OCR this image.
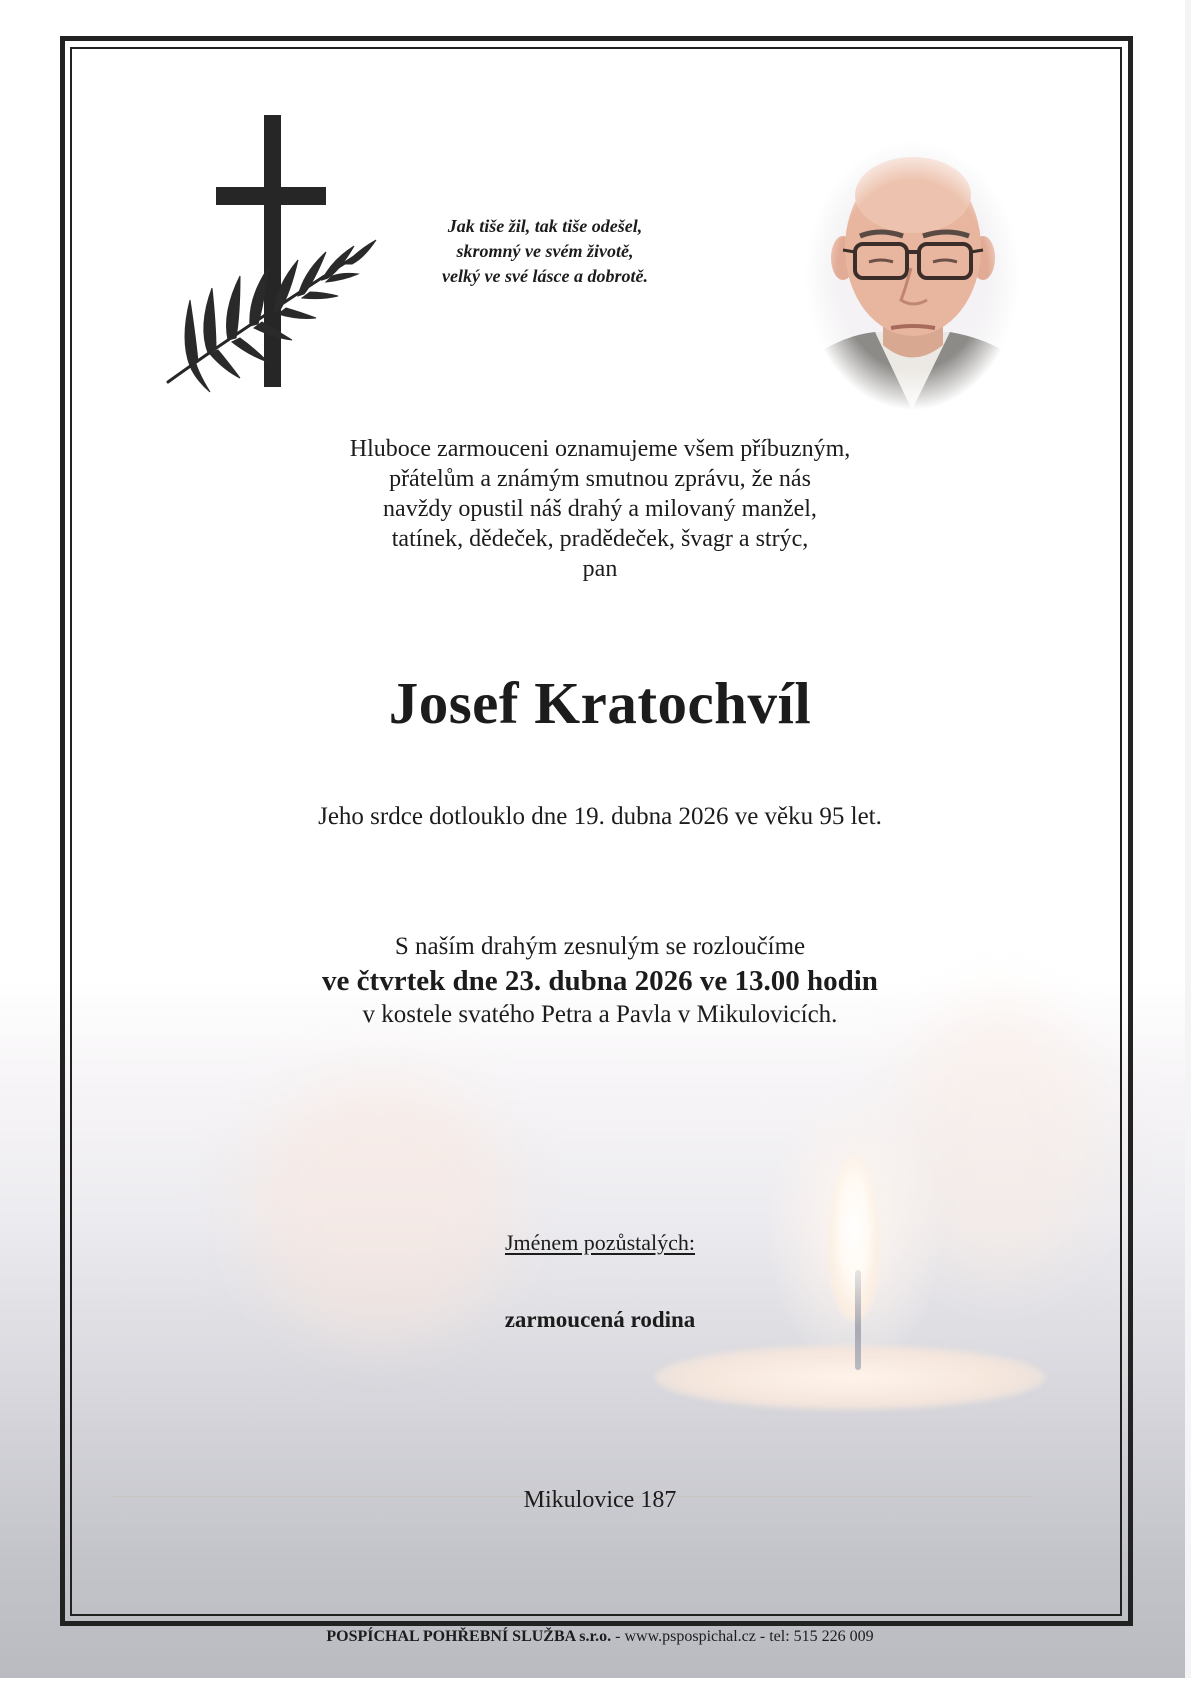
Jak tiše žil, tak tiše odešel,
skromný ve svém životě,
velký ve své lásce a dobrotě.
Hluboce zarmouceni oznamujeme všem příbuzným,
přátelům a známým smutnou zprávu, že nás
navždy opustil náš drahý a milovaný manžel,
tatínek, dědeček, pradědeček, švagr a strýc,
pan
Josef Kratochvíl
Jeho srdce dotlouklo dne 19. dubna 2026 ve věku 95 let.
S naším drahým zesnulým se rozloučíme
ve čtvrtek dne 23. dubna 2026 ve 13.00 hodin
v kostele svatého Petra a Pavla v Mikulovicích.
Jménem pozůstalých:
zarmoucená rodina
Mikulovice 187
POSPÍCHAL POHŘEBNÍ SLUŽBA s.r.o. - www.pspospichal.cz - tel: 515 226 009
